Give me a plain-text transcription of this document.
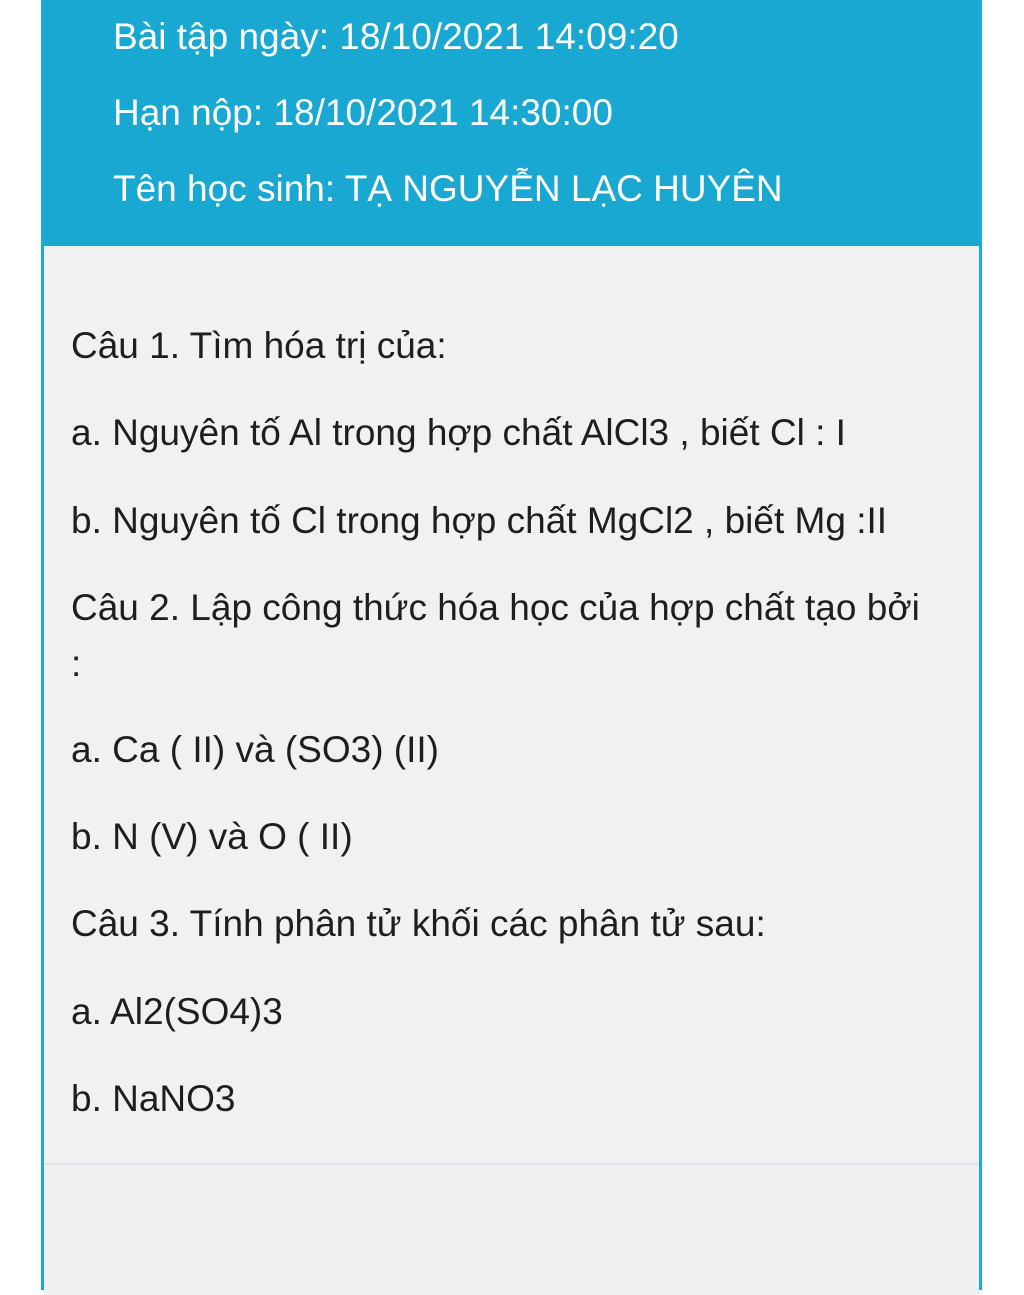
Bài tập ngày: 18/10/2021 14:09:20
Hạn nộp: 18/10/2021 14:30:00
Tên học sinh: TẠ NGUYỄN LẠC HUYÊN
Câu 1. Tìm hóa trị của:
a. Nguyên tố Al trong hợp chất AlCl3 , biết Cl : I
b. Nguyên tố Cl trong hợp chất MgCl2 , biết Mg :II
Câu 2. Lập công thức hóa học của hợp chất tạo bởi
:
a. Ca ( II) và (SO3) (II)
b. N (V) và O ( II)
Câu 3. Tính phân tử khối các phân tử sau:
a. Al2(SO4)3
b. NaNO3
